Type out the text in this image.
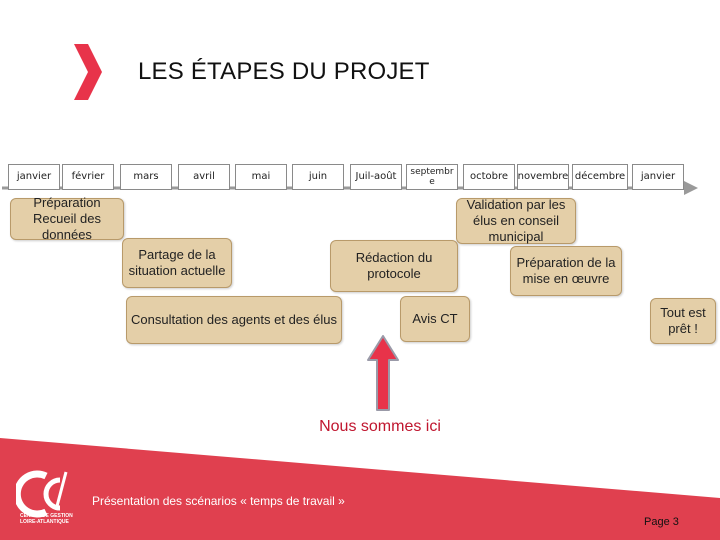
LES ÉTAPES DU PROJET
janvier	février	mars	avril	mai	juin	Juil-août	septembre	octobre novembre décembre	janvier
Préparation Recueil des données
Partage de la situation actuelle
Consultation des agents et des élus
Rédaction du protocole
Avis CT
Validation par les élus en conseil municipal
Préparation de la mise en œuvre
Tout est prêt !
Nous sommes ici
CENTRE DE GESTION LOIRE-ATLANTIQUE
Présentation des scénarios « temps de travail »
Page 3
